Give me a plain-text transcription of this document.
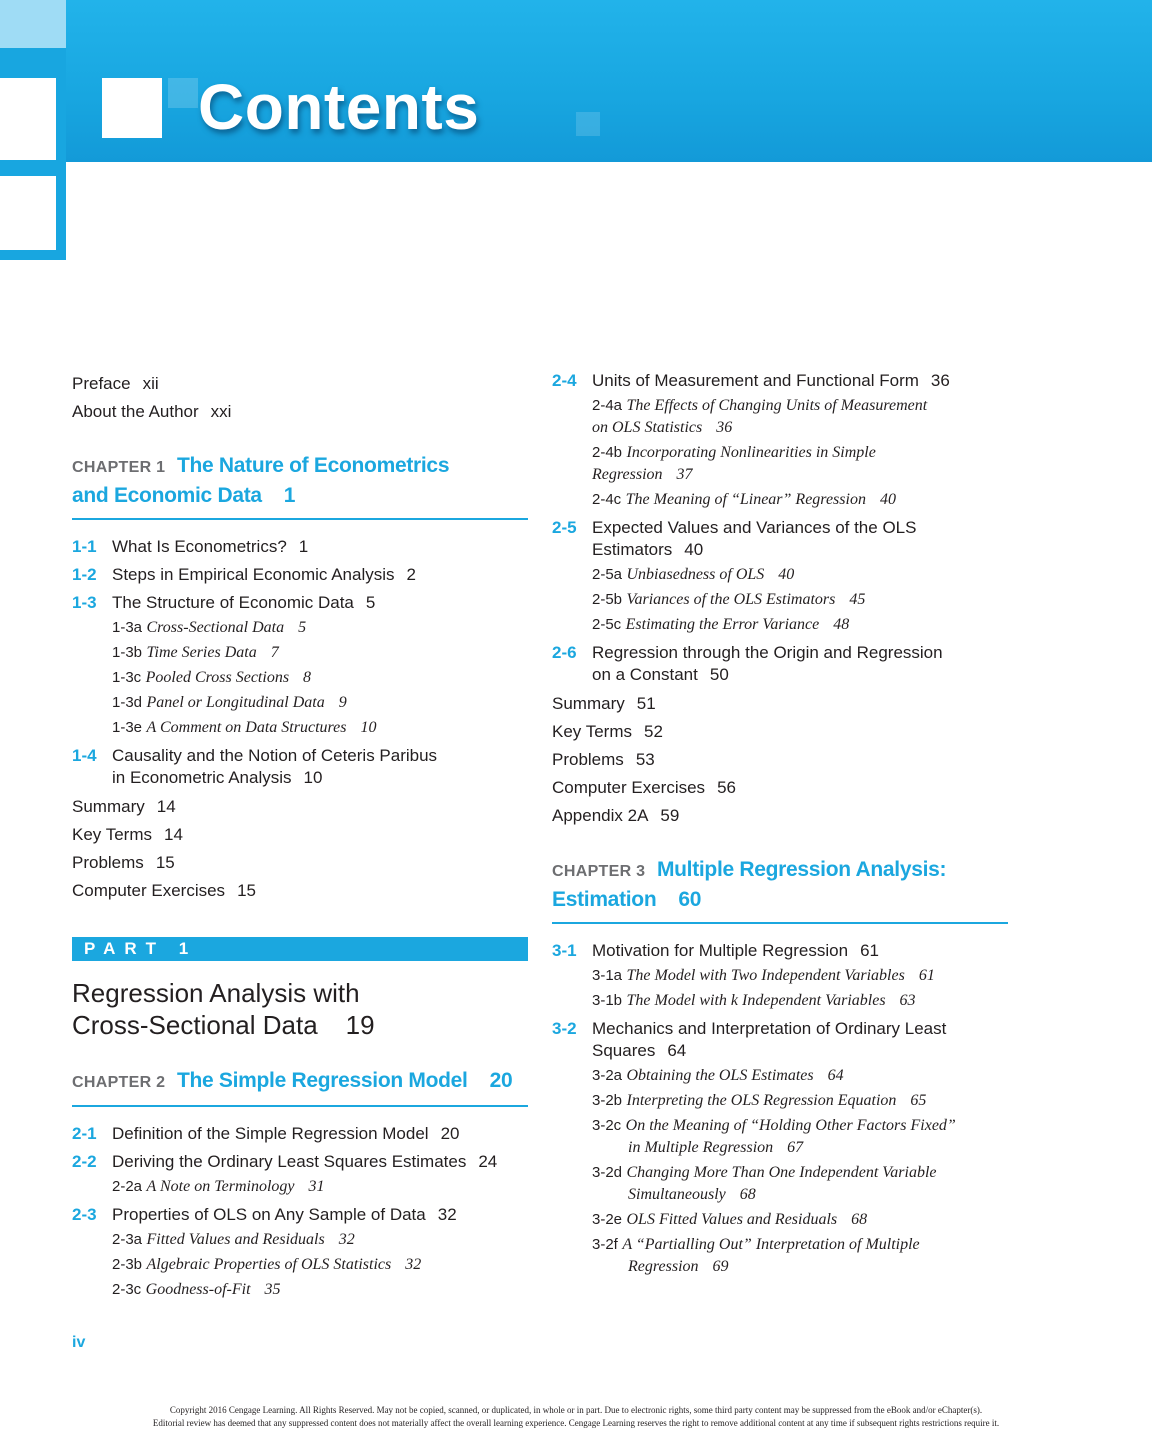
Contents
Preface xii
About the Author xxi
CHAPTER 1 The Nature of Econometrics
and Economic Data 1
1-1 What Is Econometrics? 1
1-2 Steps in Empirical Economic Analysis 2
1-3 The Structure of Economic Data 5
1-3a Cross-Sectional Data 5
1-3b Time Series Data 7
1-3c Pooled Cross Sections 8
1-3d Panel or Longitudinal Data 9
1-3e A Comment on Data Structures 10
1-4 Causality and the Notion of Ceteris Paribus
in Econometric Analysis 10
Summary 14
Key Terms 14
Problems 15
Computer Exercises 15
PART 1
Regression Analysis with
Cross-Sectional Data 19
CHAPTER 2 The Simple Regression Model 20
2-1 Definition of the Simple Regression Model 20
2-2 Deriving the Ordinary Least Squares Estimates 24
2-2a A Note on Terminology 31
2-3 Properties of OLS on Any Sample of Data 32
2-3a Fitted Values and Residuals 32
2-3b Algebraic Properties of OLS Statistics 32
2-3c Goodness-of-Fit 35
2-4 Units of Measurement and Functional Form 36
2-4a The Effects of Changing Units of Measurement
on OLS Statistics 36
2-4b Incorporating Nonlinearities in Simple
Regression 37
2-4c The Meaning of “Linear” Regression 40
2-5 Expected Values and Variances of the OLS
Estimators 40
2-5a Unbiasedness of OLS 40
2-5b Variances of the OLS Estimators 45
2-5c Estimating the Error Variance 48
2-6 Regression through the Origin and Regression
on a Constant 50
Summary 51
Key Terms 52
Problems 53
Computer Exercises 56
Appendix 2A 59
CHAPTER 3 Multiple Regression Analysis:
Estimation 60
3-1 Motivation for Multiple Regression 61
3-1a The Model with Two Independent Variables 61
3-1b The Model with k Independent Variables 63
3-2 Mechanics and Interpretation of Ordinary Least
Squares 64
3-2a Obtaining the OLS Estimates 64
3-2b Interpreting the OLS Regression Equation 65
3-2c On the Meaning of “Holding Other Factors Fixed”
in Multiple Regression 67
3-2d Changing More Than One Independent Variable
Simultaneously 68
3-2e OLS Fitted Values and Residuals 68
3-2f A “Partialling Out” Interpretation of Multiple
Regression 69
iv
Copyright 2016 Cengage Learning. All Rights Reserved. May not be copied, scanned, or duplicated, in whole or in part. Due to electronic rights, some third party content may be suppressed from the eBook and/or eChapter(s).
Editorial review has deemed that any suppressed content does not materially affect the overall learning experience. Cengage Learning reserves the right to remove additional content at any time if subsequent rights restrictions require it.
